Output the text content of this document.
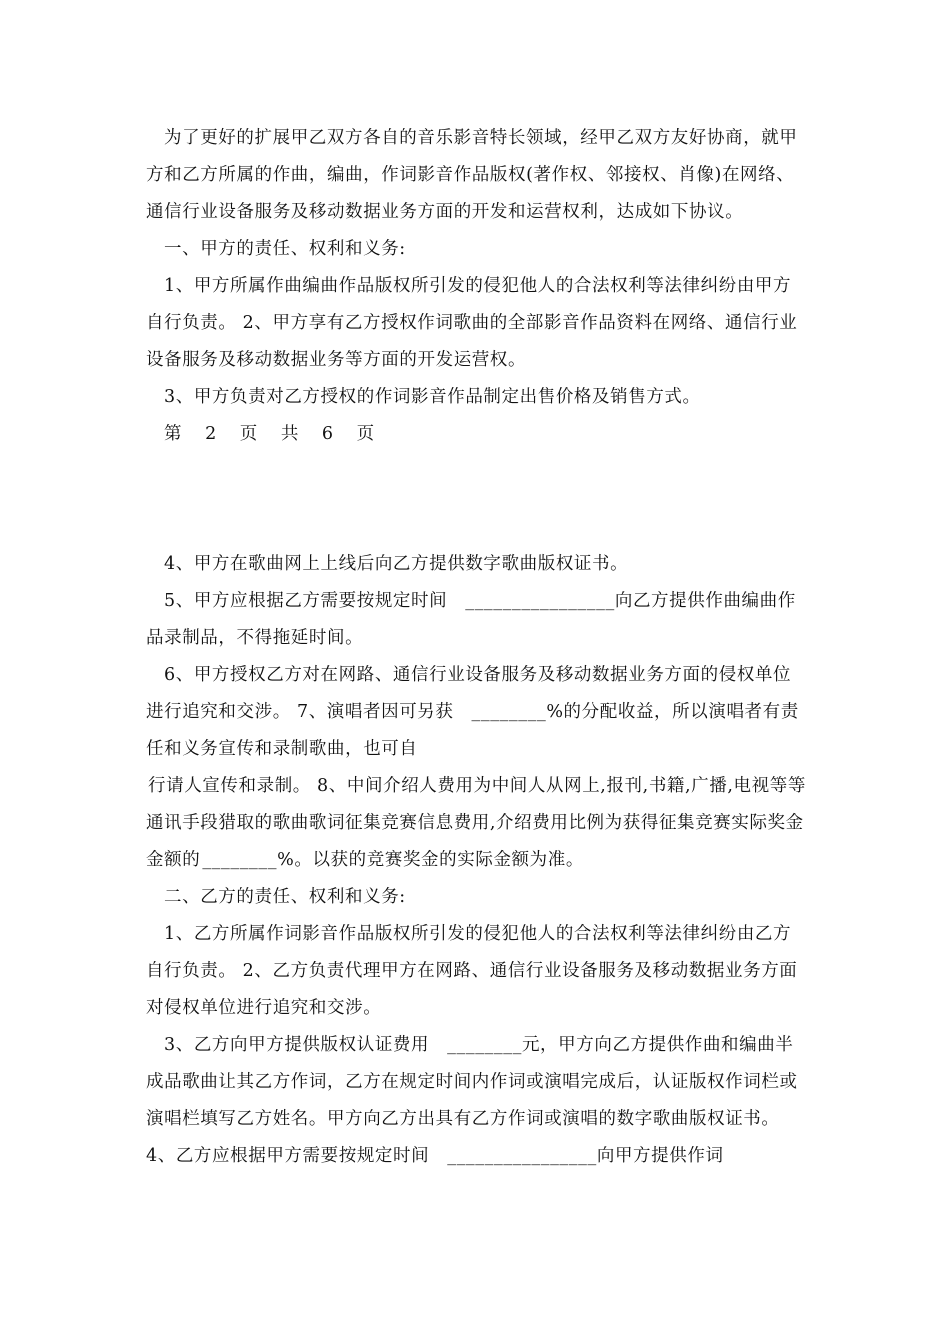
为了更好的扩展甲乙双方各自的音乐影音特长领域，经甲乙双方友好协商，就甲方和乙方所属的作曲，编曲，作词影音作品版权(著作权、邻接权、肖像)在网络、通信行业设备服务及移动数据业务方面的开发和运营权利，达成如下协议。

一、甲方的责任、权利和义务:

1、甲方所属作曲编曲作品版权所引发的侵犯他人的合法权利等法律纠纷由甲方自行负责。 2、甲方享有乙方授权作词歌曲的全部影音作品资料在网络、通信行业设备服务及移动数据业务等方面的开发运营权。

3、甲方负责对乙方授权的作词影音作品制定出售价格及销售方式。

第 2 页 共 6 页

4、甲方在歌曲网上上线后向乙方提供数字歌曲版权证书。

5、甲方应根据乙方需要按规定时间 ________________向乙方提供作曲编曲作品录制品，不得拖延时间。

6、甲方授权乙方对在网路、通信行业设备服务及移动数据业务方面的侵权单位进行追究和交涉。 7、演唱者因可另获 ________%的分配收益，所以演唱者有责任和义务宣传和录制歌曲，也可自

行请人宣传和录制。 8、中间介绍人费用为中间人从网上,报刊,书籍,广播,电视等等通讯手段猎取的歌曲歌词征集竞赛信息费用,介绍费用比例为获得征集竞赛实际奖金金额的 ________%。以获的竞赛奖金的实际金额为准。

二、乙方的责任、权利和义务:

1、乙方所属作词影音作品版权所引发的侵犯他人的合法权利等法律纠纷由乙方自行负责。 2、乙方负责代理甲方在网路、通信行业设备服务及移动数据业务方面对侵权单位进行追究和交涉。

3、乙方向甲方提供版权认证费用 ________元，甲方向乙方提供作曲和编曲半成品歌曲让其乙方作词，乙方在规定时间内作词或演唱完成后，认证版权作词栏或演唱栏填写乙方姓名。甲方向乙方出具有乙方作词或演唱的数字歌曲版权证书。 4、乙方应根据甲方需要按规定时间 ________________向甲方提供作词
